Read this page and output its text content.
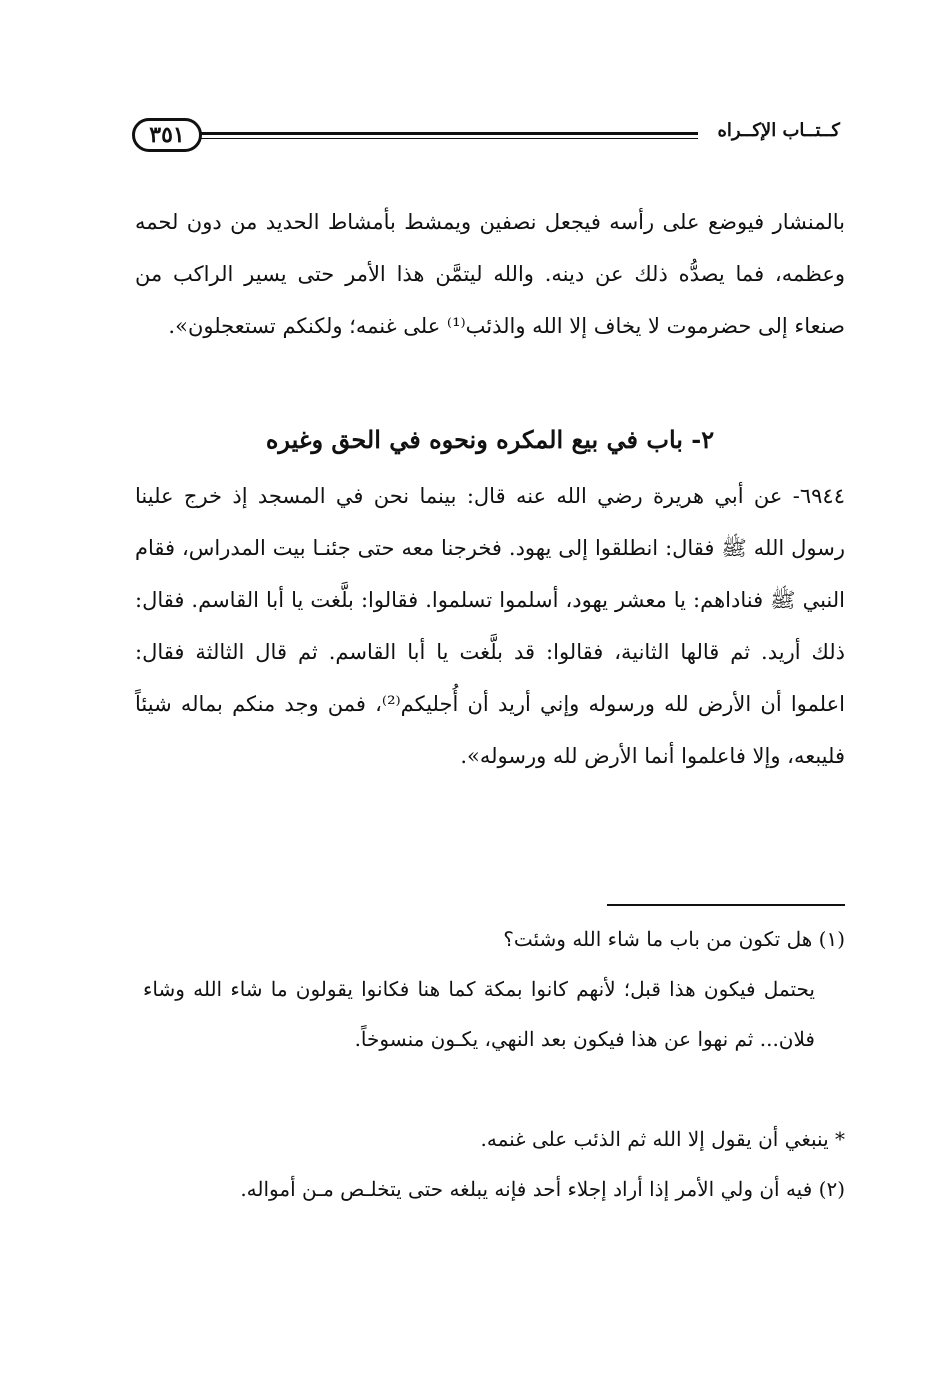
٣٥١	كــتــاب الإكــراه

بالمنشار فيوضع على رأسه فيجعل نصفين ويمشط بأمشاط الحديد من دون لحمه وعظمه، فما يصدُّه ذلك عن دينه. والله ليتمَّن هذا الأمر حتى يسير الراكب من صنعاء إلى حضرموت لا يخاف إلا الله والذئب⁽¹⁾ على غنمه؛ ولكنكم تستعجلون».

٢- باب في بيع المكره ونحوه في الحق وغيره

٦٩٤٤- عن أبي هريرة رضي الله عنه قال: بينما نحن في المسجد إذ خرج علينا رسول الله ﷺ فقال: انطلقوا إلى يهود. فخرجنا معه حتى جئنـا بيت المدراس، فقام النبي ﷺ فناداهم: يا معشر يهود، أسلموا تسلموا. فقالوا: بلَّغت يا أبا القاسم. فقال: ذلك أريد. ثم قالها الثانية، فقالوا: قد بلَّغت يا أبا القاسم. ثم قال الثالثة فقال: اعلموا أن الأرض لله ورسوله وإني أريد أن أُجليكم⁽²⁾، فمن وجد منكم بماله شيئاً فليبعه، وإلا فاعلموا أنما الأرض لله ورسوله».

(١) هل تكون من باب ما شاء الله وشئت؟

يحتمل فيكون هذا قبل؛ لأنهم كانوا بمكة كما هنا فكانوا يقولون ما شاء الله وشاء فلان... ثم نهوا عن هذا فيكون بعد النهي، يكـون منسوخاً.

* ينبغي أن يقول إلا الله ثم الذئب على غنمه.

(٢) فيه أن ولي الأمر إذا أراد إجلاء أحد فإنه يبلغه حتى يتخلـص مـن أمواله.
